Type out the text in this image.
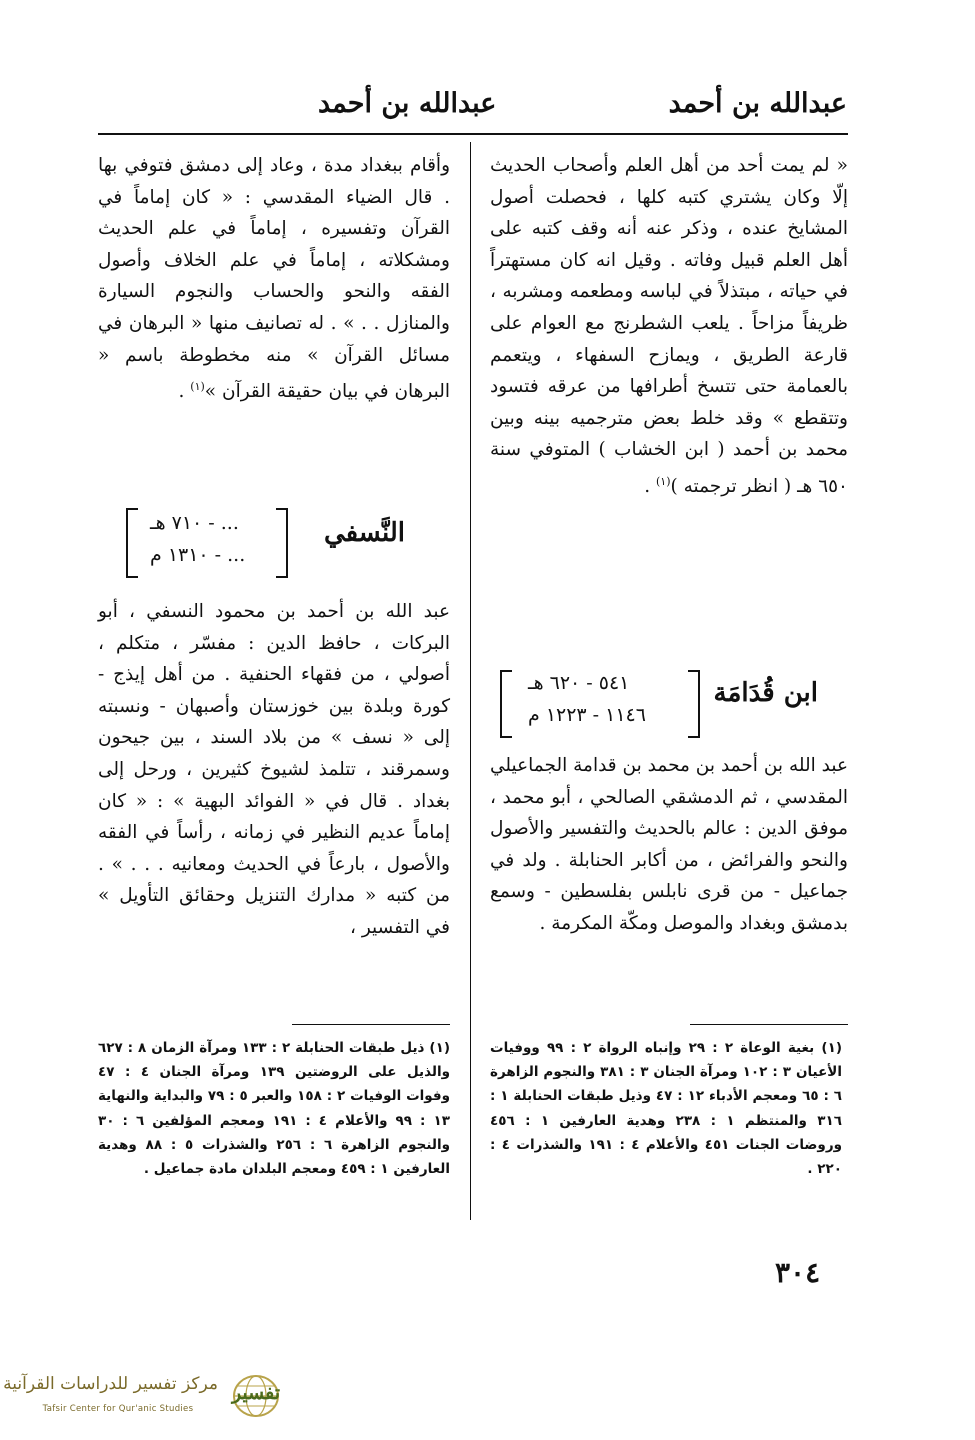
عبدالله بن أحمد
عبدالله بن أحمد

« لم يمت أحد من أهل العلم وأصحاب الحديث إلّا وكان يشتري كتبه كلها ، فحصلت أصول المشايخ عنده ، وذكر عنه أنه وقف كتبه على أهل العلم قبيل وفاته . وقيل انه كان مستهتراً في حياته ، مبتذلاً في لباسه ومطعمه ومشربه ، ظريفاً مزاحاً . يلعب الشطرنج مع العوام على قارعة الطريق ، ويمازح السفهاء ، ويتعمم بالعمامة حتى تتسخ أطرافها من عرقه فتسود وتتقطع » وقد خلط بعض مترجميه بينه وبين محمد بن أحمد ( ابن الخشاب ) المتوفي سنة ٦٥٠ هـ ( انظر ترجمته )$^{(١)}$ .

ابن قُدَامَة
٥٤١ - ٦٢٠ هـ
١١٤٦ - ١٢٢٣ م

عبد الله بن أحمد بن محمد بن قدامة الجماعيلي المقدسي ، ثم الدمشقي الصالحي ، أبو محمد ، موفق الدين : عالم بالحديث والتفسير والأصول والنحو والفرائض ، من أكابر الحنابلة . ولد في جماعيل - من قرى نابلس بفلسطين - وسمع بدمشق وبغداد والموصل ومكّة المكرمة .

(١) بغية الوعاة ٢ : ٢٩ وإنباه الرواة ٢ : ٩٩ ووفيات الأعيان ٣ : ١٠٢ ومرآة الجنان ٣ : ٣٨١ والنجوم الزاهرة ٦ : ٦٥ ومعجم الأدباء ١٢ : ٤٧ وذيل طبقات الحنابلة ١ : ٣١٦ والمنتظم ١ : ٢٣٨ وهدية العارفين ١ : ٤٥٦ وروضات الجنات ٤٥١ والأعلام ٤ : ١٩١ والشذرات ٤ : ٢٢٠ .

وأقام ببغداد مدة ، وعاد إلى دمشق فتوفي بها . قال الضياء المقدسي : « كان إماماً في القرآن وتفسيره ، إماماً في علم الحديث ومشكلاته ، إماماً في علم الخلاف وأصول الفقه والنحو والحساب والنجوم السيارة والمنازل . . » . له تصانيف منها « البرهان في مسائل القرآن » منه مخطوطة باسم « البرهان في بيان حقيقة القرآن »$^{(١)}$ .

النَّسفي
... - ٧١٠ هـ
... - ١٣١٠ م

عبد الله بن أحمد بن محمود النسفي ، أبو البركات ، حافظ الدين : مفسّر ، متكلم ، أصولي ، من فقهاء الحنفية . من أهل إيذج - كورة وبلدة بين خوزستان وأصبهان - ونسبته إلى « نسف » من بلاد السند ، بين جيحون وسمرقند ، تتلمذ لشيوخ كثيرين ، ورحل إلى بغداد . قال في « الفوائد البهية » : « كان إماماً عديم النظير في زمانه ، رأساً في الفقه والأصول ، بارعاً في الحديث ومعانيه . . . » . من كتبه « مدارك التنزيل وحقائق التأويل » في التفسير ،

(١) ذيل طبقات الحنابلة ٢ : ١٣٣ ومرآة الزمان ٨ : ٦٢٧ والذيل على الروضتين ١٣٩ ومرآة الجنان ٤ : ٤٧ وفوات الوفيات ٢ : ١٥٨ والعبر ٥ : ٧٩ والبداية والنهاية ١٣ : ٩٩ والأعلام ٤ : ١٩١ ومعجم المؤلفين ٦ : ٣٠ والنجوم الزاهرة ٦ : ٢٥٦ والشذرات ٥ : ٨٨ وهدية العارفين ١ : ٤٥٩ ومعجم البلدان مادة جماعيل .

٣٠٤
مركز تفسير للدراسات القرآنية
Tafsir Center for Qur'anic Studies
تفسير
